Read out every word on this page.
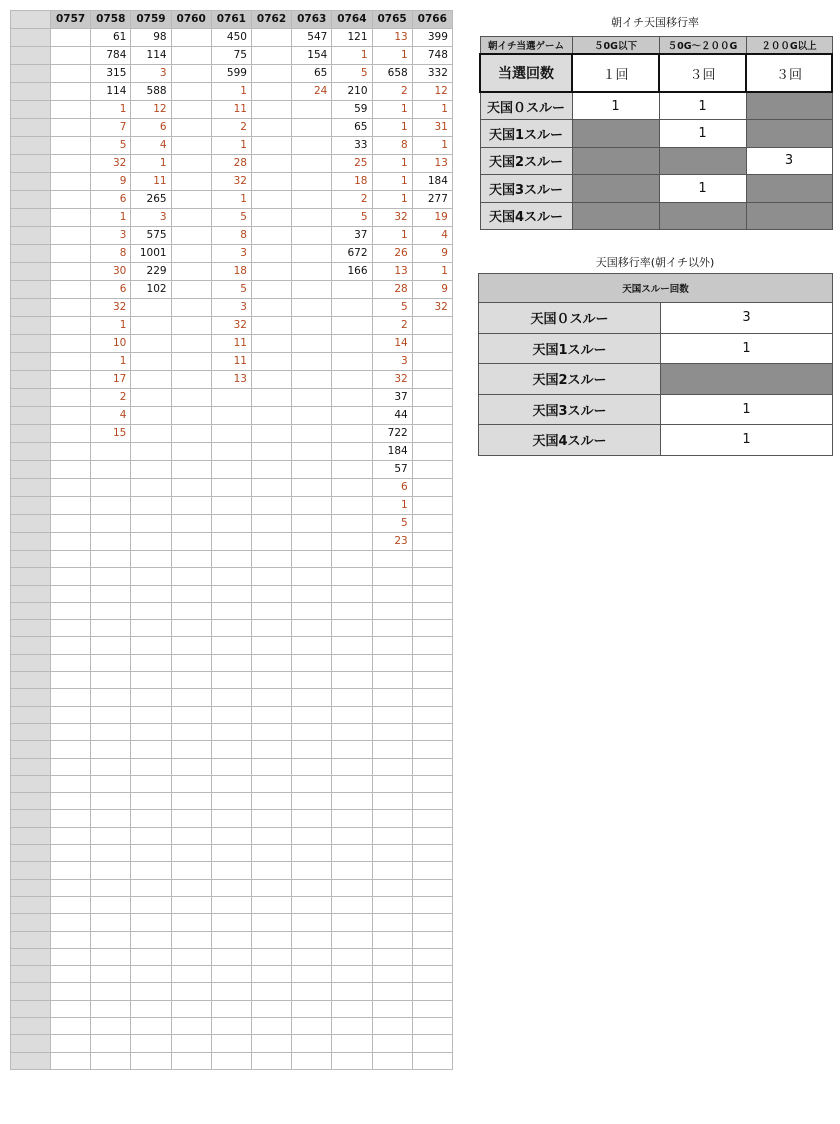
	0757	0758	0759	0760	0761	0762	0763	0764	0765	0766
		61	98		450		547	121	13	399
		784	114		75		154	1	1	748
		315	3		599		65	5	658	332
		114	588		1		24	210	2	12
		1	12		11			59	1	1
		7	6		2			65	1	31
		5	4		1			33	8	1
		32	1		28			25	1	13
		9	11		32			18	1	184
		6	265		1			2	1	277
		1	3		5			5	32	19
		3	575		8			37	1	4
		8	1001		3			672	26	9
		30	229		18			166	13	1
		6	102		5				28	9
		32			3				5	32
		1			32				2	
		10			11				14	
		1			11				3	
		17			13				32	
		2							37	
		4							44	
		15							722	
									184	
									57	
									6	
									1	
									5	
									23	

朝イチ天国移行率
朝イチ当選ゲーム	５0G以下	５0G～２００G	２００G以上
当選回数	１回	３回	３回
天国０スルー	1	1	
天国1スルー		1	
天国2スルー			3
天国3スルー		1	
天国4スルー			
天国移行率(朝イチ以外)
天国スルー回数	
天国０スルー	3
天国1スルー	1
天国2スルー	
天国3スルー	1
天国4スルー	1
